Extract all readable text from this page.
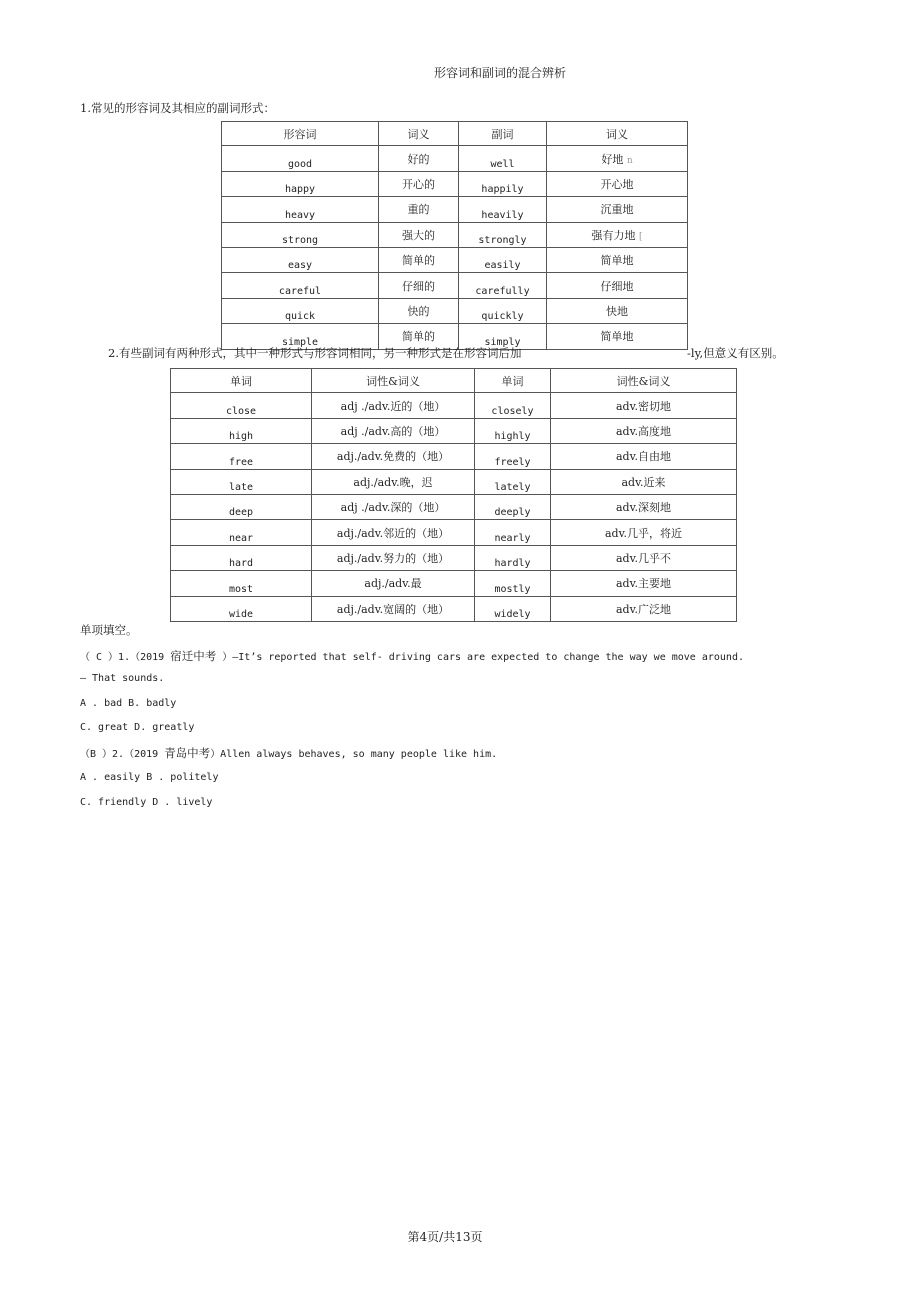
形容词和副词的混合辨析
1.常见的形容词及其相应的副词形式：
形容词	词义	副词	词义
good	好的	well	好地 n
happy	开心的	happily	开心地
heavy	重的	heavily	沉重地
strong	强大的	strongly	强有力地 [
easy	简单的	easily	简单地
careful	仔细的	carefully	仔细地
quick	快的	quickly	快地
simple	简单的	simply	简单地
2.有些副词有两种形式，其中一种形式与形容词相同，另一种形式是在形容词后加	-ly,但意义有区别。
单词	词性&词义	单词	词性&词义
close	adj ./adv.近的（地）	closely	adv.密切地
high	adj ./adv.高的（地）	highly	adv.高度地
free	adj./adv.免费的（地）	freely	adv.自由地
late	adj./adv.晚，迟	lately	adv.近来
deep	adj ./adv.深的（地）	deeply	adv.深刻地
near	adj./adv.邻近的（地）	nearly	adv.几乎，将近
hard	adj./adv.努力的（地）	hardly	adv.几乎不
most	adj./adv.最	mostly	adv.主要地
wide	adj./adv.宽阔的（地）	widely	adv.广泛地
单项填空。
（ C ）1.（2019 宿迁中考 ）—It’s reported that self- driving cars are expected to change the way we move around.
— That sounds.
A . bad B. badly
C. great D. greatly
（B ）2.（2019 青岛中考）Allen always behaves, so many people like him.
A . easily B . politely
C. friendly D . lively
第4页/共13页
